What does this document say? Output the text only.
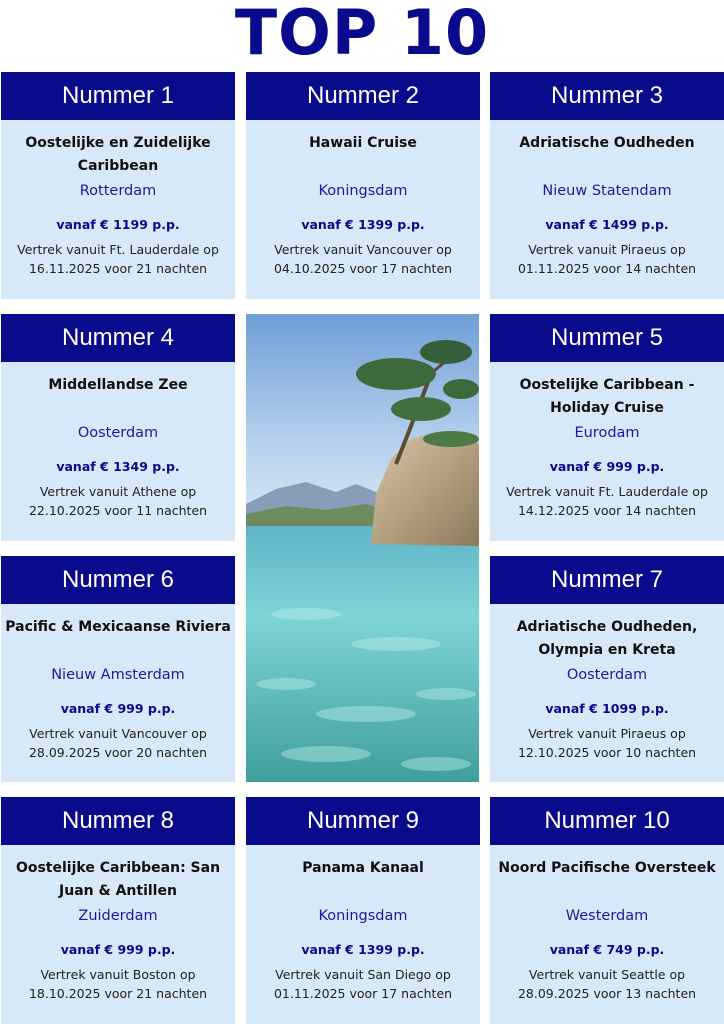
TOP 10
Nummer 1
Oostelijke en Zuidelijke Caribbean
Rotterdam
vanaf € 1199 p.p.
Vertrek vanuit Ft. Lauderdale op
16.11.2025 voor 21 nachten
Nummer 2
Hawaii Cruise
Koningsdam
vanaf € 1399 p.p.
Vertrek vanuit Vancouver op
04.10.2025 voor 17 nachten
Nummer 3
Adriatische Oudheden
Nieuw Statendam
vanaf € 1499 p.p.
Vertrek vanuit Piraeus op
01.11.2025 voor 14 nachten
Nummer 4
Middellandse Zee
Oosterdam
vanaf € 1349 p.p.
Vertrek vanuit Athene op
22.10.2025 voor 11 nachten
Nummer 5
Oostelijke Caribbean - Holiday Cruise
Eurodam
vanaf € 999 p.p.
Vertrek vanuit Ft. Lauderdale op
14.12.2025 voor 14 nachten
Nummer 6
Pacific & Mexicaanse Riviera
Nieuw Amsterdam
vanaf € 999 p.p.
Vertrek vanuit Vancouver op
28.09.2025 voor 20 nachten
Nummer 7
Adriatische Oudheden, Olympia en Kreta
Oosterdam
vanaf € 1099 p.p.
Vertrek vanuit Piraeus op
12.10.2025 voor 10 nachten
Nummer 8
Oostelijke Caribbean: San Juan & Antillen
Zuiderdam
vanaf € 999 p.p.
Vertrek vanuit Boston op
18.10.2025 voor 21 nachten
Nummer 9
Panama Kanaal
Koningsdam
vanaf € 1399 p.p.
Vertrek vanuit San Diego op
01.11.2025 voor 17 nachten
Nummer 10
Noord Pacifische Oversteek
Westerdam
vanaf € 749 p.p.
Vertrek vanuit Seattle op
28.09.2025 voor 13 nachten
